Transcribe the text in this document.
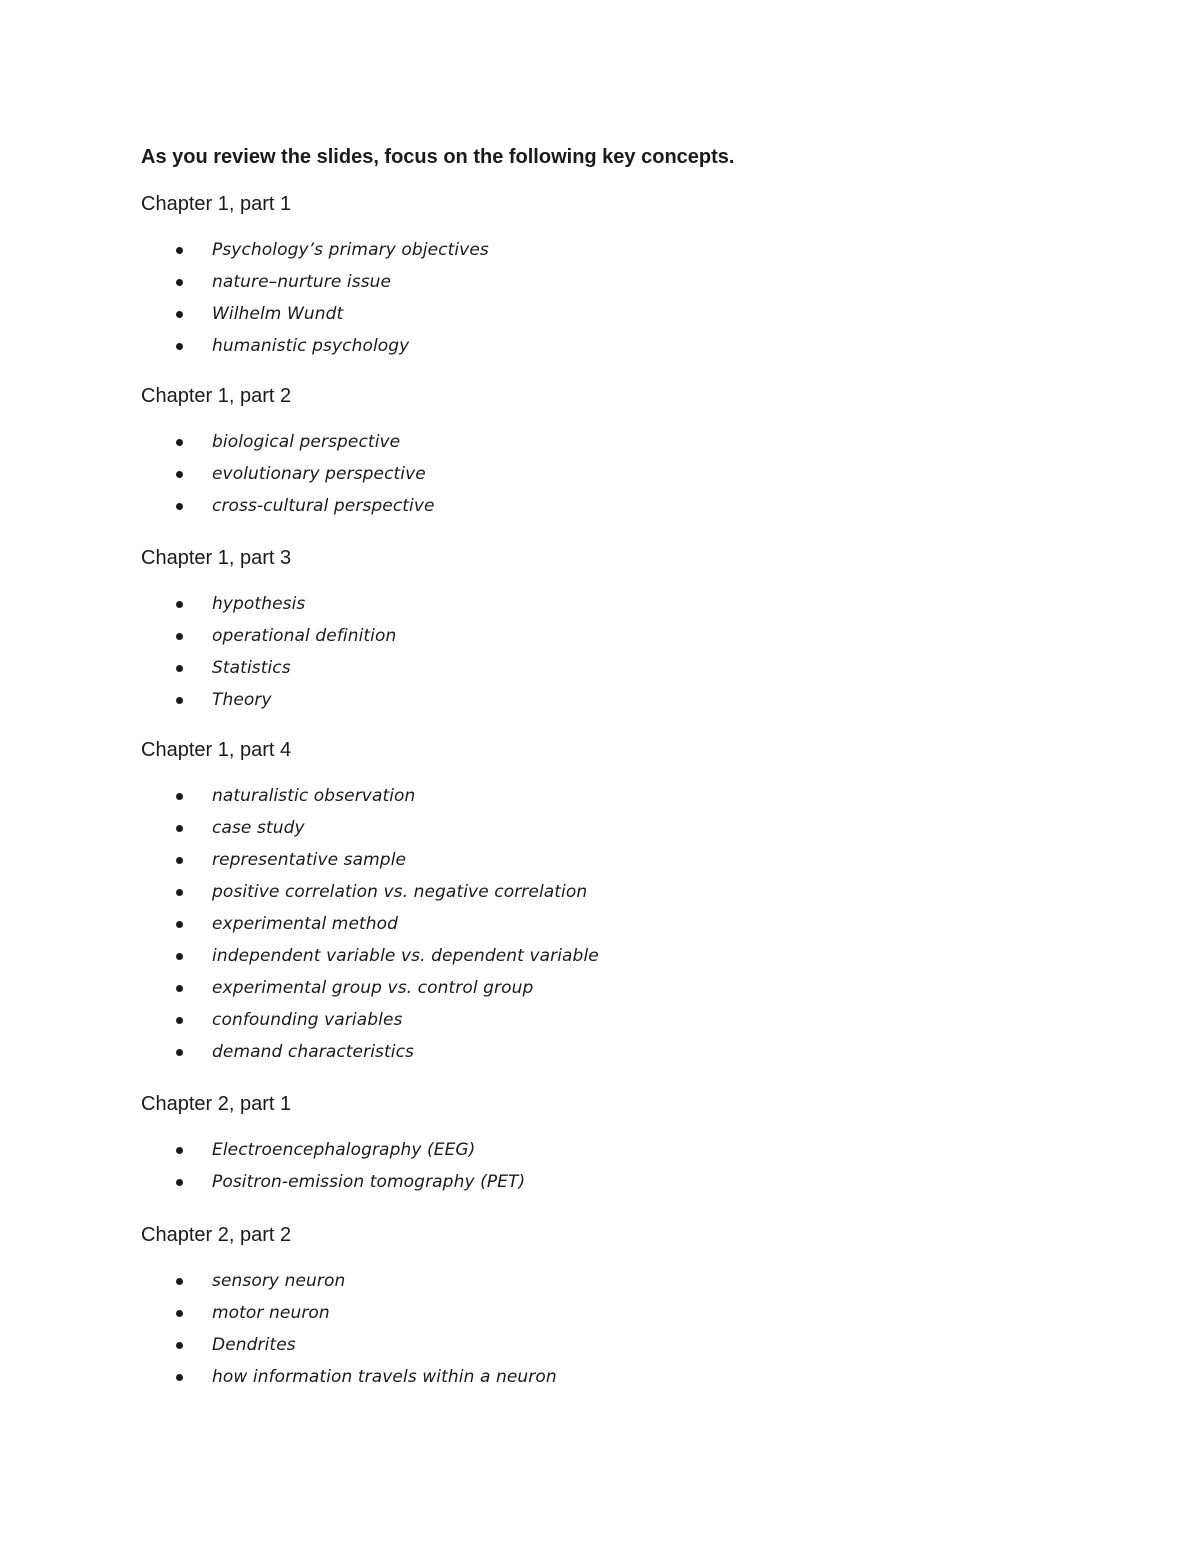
As you review the slides, focus on the following key concepts.

Chapter 1, part 1
Psychology’s primary objectives
nature–nurture issue
Wilhelm Wundt
humanistic psychology
Chapter 1, part 2
biological perspective
evolutionary perspective
cross-cultural perspective
Chapter 1, part 3
hypothesis
operational definition
Statistics
Theory
Chapter 1, part 4
naturalistic observation
case study
representative sample
positive correlation vs. negative correlation
experimental method
independent variable vs. dependent variable
experimental group vs. control group
confounding variables
demand characteristics
Chapter 2, part 1
Electroencephalography (EEG)
Positron-emission tomography (PET)
Chapter 2, part 2
sensory neuron
motor neuron
Dendrites
how information travels within a neuron
